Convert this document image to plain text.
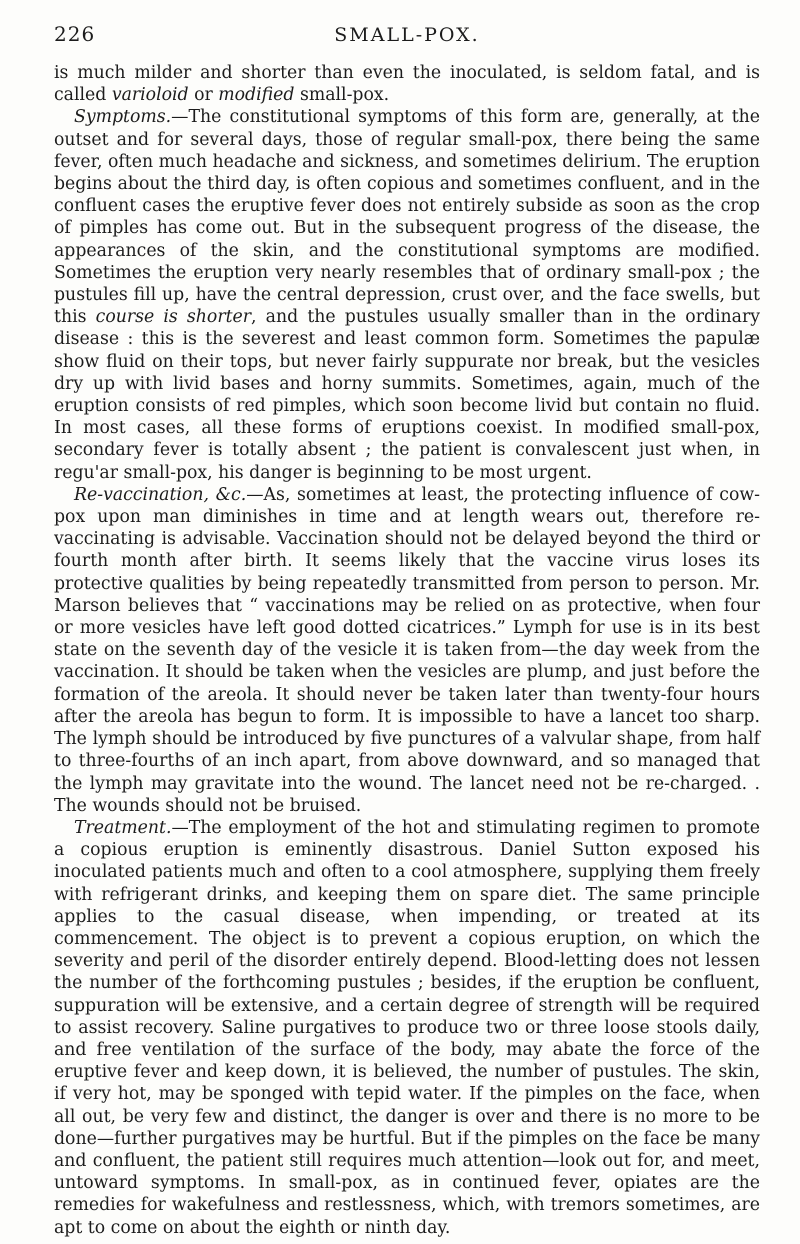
226	SMALL-POX.

is much milder and shorter than even the inoculated, is seldom fatal, and is called varioloid or modified small-pox.

Symptoms.—The constitutional symptoms of this form are, generally, at the outset and for several days, those of regular small-pox, there being the same fever, often much headache and sickness, and sometimes delirium. The eruption begins about the third day, is often copious and sometimes confluent, and in the confluent cases the eruptive fever does not entirely subside as soon as the crop of pimples has come out. But in the subsequent progress of the disease, the appearances of the skin, and the constitutional symptoms are modified. Sometimes the eruption very nearly resembles that of ordinary small-pox ; the pustules fill up, have the central depression, crust over, and the face swells, but this course is shorter, and the pustules usually smaller than in the ordinary disease : this is the severest and least common form. Sometimes the papulæ show fluid on their tops, but never fairly suppurate nor break, but the vesicles dry up with livid bases and horny summits. Sometimes, again, much of the eruption consists of red pimples, which soon become livid but contain no fluid. In most cases, all these forms of eruptions coexist. In modified small-pox, secondary fever is totally absent ; the patient is convalescent just when, in regu'ar small-pox, his danger is beginning to be most urgent.

Re-vaccination, &c.—As, sometimes at least, the protecting influence of cow-pox upon man diminishes in time and at length wears out, therefore re-vaccinating is advisable. Vaccination should not be delayed beyond the third or fourth month after birth. It seems likely that the vaccine virus loses its protective qualities by being repeatedly transmitted from person to person. Mr. Marson believes that “ vaccinations may be relied on as protective, when four or more vesicles have left good dotted cicatrices.” Lymph for use is in its best state on the seventh day of the vesicle it is taken from—the day week from the vaccination. It should be taken when the vesicles are plump, and just before the formation of the areola. It should never be taken later than twenty-four hours after the areola has begun to form. It is impossible to have a lancet too sharp. The lymph should be introduced by five punctures of a valvular shape, from half to three-fourths of an inch apart, from above downward, and so managed that the lymph may gravitate into the wound. The lancet need not be re-charged. . The wounds should not be bruised.

Treatment.—The employment of the hot and stimulating regimen to promote a copious eruption is eminently disastrous. Daniel Sutton exposed his inoculated patients much and often to a cool atmosphere, supplying them freely with refrigerant drinks, and keeping them on spare diet. The same principle applies to the casual disease, when impending, or treated at its commencement. The object is to prevent a copious eruption, on which the severity and peril of the disorder entirely depend. Blood-letting does not lessen the number of the forthcoming pustules ; besides, if the eruption be confluent, suppuration will be extensive, and a certain degree of strength will be required to assist recovery. Saline purgatives to produce two or three loose stools daily, and free ventilation of the surface of the body, may abate the force of the eruptive fever and keep down, it is believed, the number of pustules. The skin, if very hot, may be sponged with tepid water. If the pimples on the face, when all out, be very few and distinct, the danger is over and there is no more to be done—further purgatives may be hurtful. But if the pimples on the face be many and confluent, the patient still requires much attention—look out for, and meet, untoward symptoms. In small-pox, as in continued fever, opiates are the remedies for wakefulness and restlessness, which, with tremors sometimes, are apt to come on about the eighth or ninth day.
